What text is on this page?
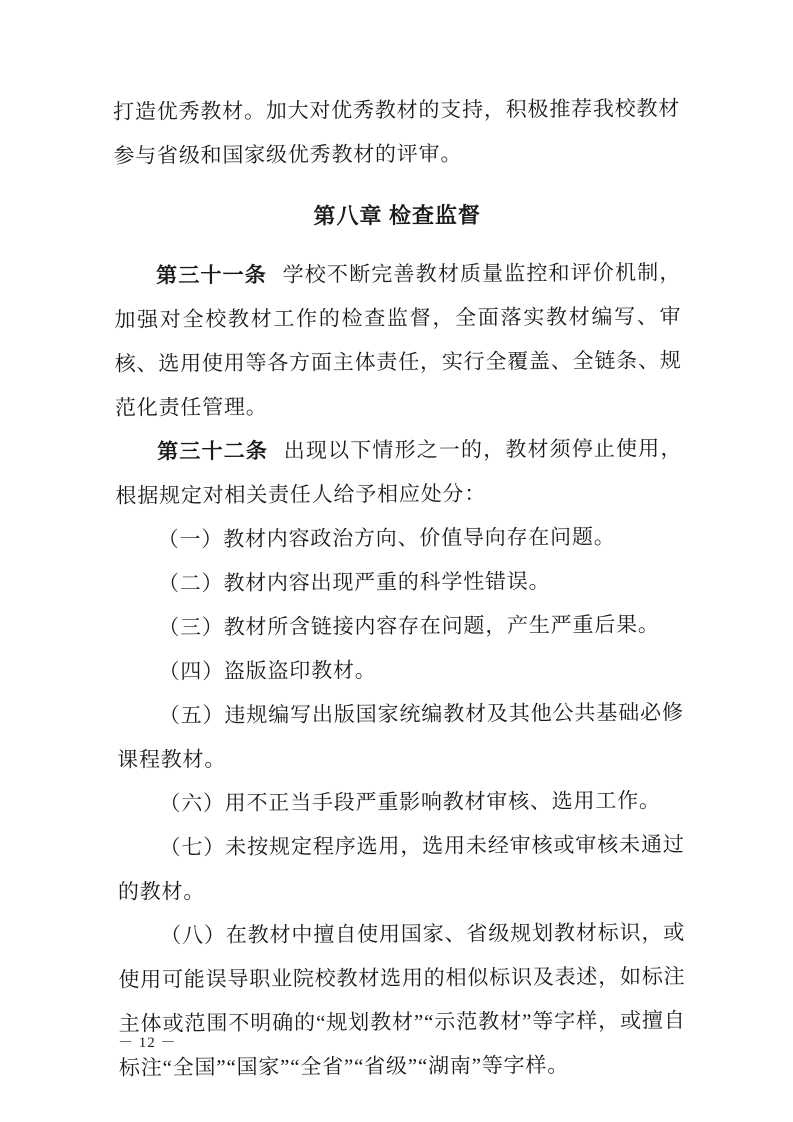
打造优秀教材。加大对优秀教材的支持，积极推荐我校教材参与省级和国家级优秀教材的评审。

第八章 检查监督

第三十一条 学校不断完善教材质量监控和评价机制，加强对全校教材工作的检查监督，全面落实教材编写、审核、选用使用等各方面主体责任，实行全覆盖、全链条、规范化责任管理。

第三十二条 出现以下情形之一的，教材须停止使用，根据规定对相关责任人给予相应处分：

（一）教材内容政治方向、价值导向存在问题。
（二）教材内容出现严重的科学性错误。
（三）教材所含链接内容存在问题，产生严重后果。
（四）盗版盗印教材。
（五）违规编写出版国家统编教材及其他公共基础必修课程教材。
（六）用不正当手段严重影响教材审核、选用工作。
（七）未按规定程序选用，选用未经审核或审核未通过的教材。
（八）在教材中擅自使用国家、省级规划教材标识，或使用可能误导职业院校教材选用的相似标识及表述，如标注主体或范围不明确的“规划教材”“示范教材”等字样，或擅自标注“全国”“国家”“全省”“省级”“湖南”等字样。
－ 12 －
